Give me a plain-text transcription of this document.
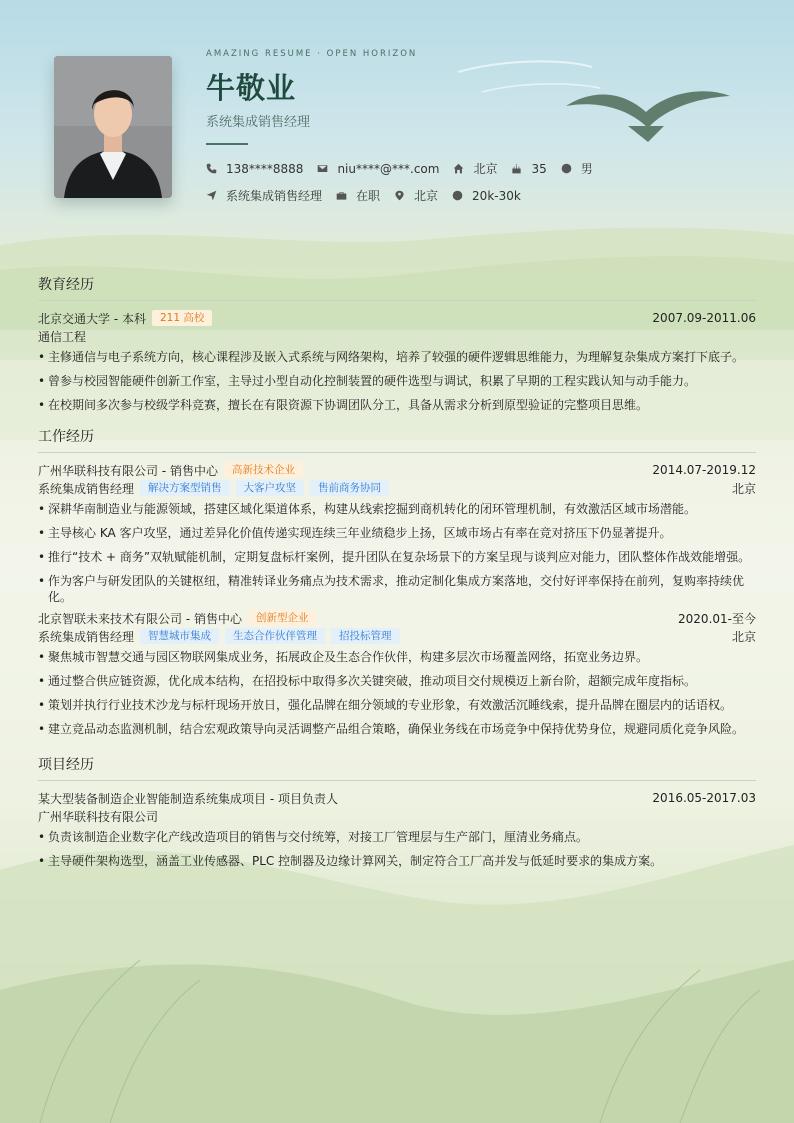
AMAZING RESUME · OPEN HORIZON
牛敬业
系统集成销售经理
138****8888	niu****@***.com	北京	35	男
系统集成销售经理	在职	北京	20k-30k
教育经历
北京交通大学 - 本科	211 高校	2007.09-2011.06
通信工程
• 主修通信与电子系统方向，核心课程涉及嵌入式系统与网络架构，培养了较强的硬件逻辑思维能力，为理解复杂集成方案打下底子。
• 曾参与校园智能硬件创新工作室，主导过小型自动化控制装置的硬件选型与调试，积累了早期的工程实践认知与动手能力。
• 在校期间多次参与校级学科竞赛，擅长在有限资源下协调团队分工，具备从需求分析到原型验证的完整项目思维。
工作经历
广州华联科技有限公司 - 销售中心	高新技术企业	2014.07-2019.12
系统集成销售经理	解决方案型销售	大客户攻坚	售前商务协同	北京
• 深耕华南制造业与能源领域，搭建区域化渠道体系，构建从线索挖掘到商机转化的闭环管理机制，有效激活区域市场潜能。
• 主导核心 KA 客户攻坚，通过差异化价值传递实现连续三年业绩稳步上扬，区域市场占有率在竞对挤压下仍显著提升。
• 推行“技术 + 商务”双轨赋能机制，定期复盘标杆案例，提升团队在复杂场景下的方案呈现与谈判应对能力，团队整体作战效能增强。
• 作为客户与研发团队的关键枢纽，精准转译业务痛点为技术需求，推动定制化集成方案落地，交付好评率保持在前列，复购率持续优化。
北京智联未来技术有限公司 - 销售中心	创新型企业	2020.01-至今
系统集成销售经理	智慧城市集成	生态合作伙伴管理	招投标管理	北京
• 聚焦城市智慧交通与园区物联网集成业务，拓展政企及生态合作伙伴，构建多层次市场覆盖网络，拓宽业务边界。
• 通过整合供应链资源，优化成本结构，在招投标中取得多次关键突破，推动项目交付规模迈上新台阶，超额完成年度指标。
• 策划并执行行业技术沙龙与标杆现场开放日，强化品牌在细分领域的专业形象，有效激活沉睡线索，提升品牌在圈层内的话语权。
• 建立竞品动态监测机制，结合宏观政策导向灵活调整产品组合策略，确保业务线在市场竞争中保持优势身位，规避同质化竞争风险。
项目经历
某大型装备制造企业智能制造系统集成项目 - 项目负责人	2016.05-2017.03
广州华联科技有限公司
• 负责该制造企业数字化产线改造项目的销售与交付统筹，对接工厂管理层与生产部门，厘清业务痛点。
• 主导硬件架构选型，涵盖工业传感器、PLC 控制器及边缘计算网关，制定符合工厂高并发与低延时要求的集成方案。
